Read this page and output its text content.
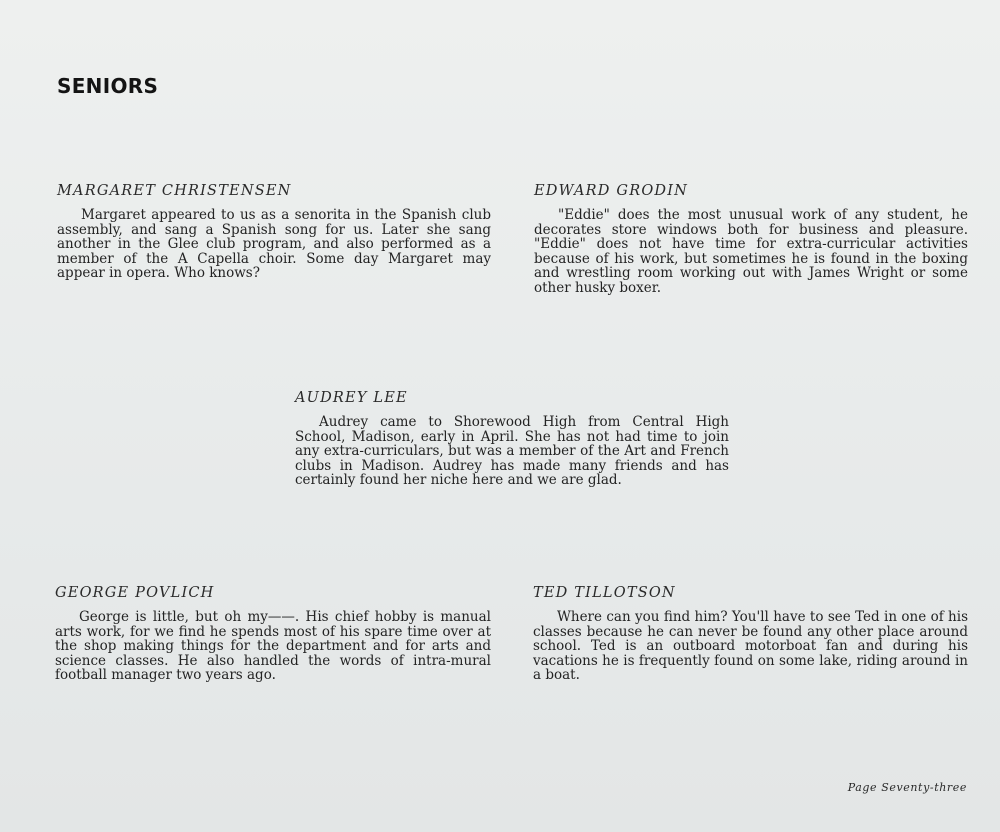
SENIORS
MARGARET CHRISTENSEN

Margaret appeared to us as a senorita in the Spanish club assembly, and sang a Spanish song for us. Later she sang another in the Glee club program, and also performed as a member of the A Capella choir. Some day Margaret may appear in opera. Who knows?

EDWARD GRODIN

"Eddie" does the most unusual work of any student, he decorates store windows both for business and pleasure. "Eddie" does not have time for extra-curricular activities because of his work, but sometimes he is found in the boxing and wrestling room working out with James Wright or some other husky boxer.

AUDREY LEE

Audrey came to Shorewood High from Central High School, Madison, early in April. She has not had time to join any extra-curriculars, but was a member of the Art and French clubs in Madison. Audrey has made many friends and has certainly found her niche here and we are glad.

GEORGE POVLICH

George is little, but oh my——. His chief hobby is manual arts work, for we find he spends most of his spare time over at the shop making things for the department and for arts and science classes. He also handled the words of intra-mural football manager two years ago.

TED TILLOTSON

Where can you find him? You'll have to see Ted in one of his classes because he can never be found any other place around school. Ted is an outboard motorboat fan and during his vacations he is frequently found on some lake, riding around in a boat.

Page Seventy-three
